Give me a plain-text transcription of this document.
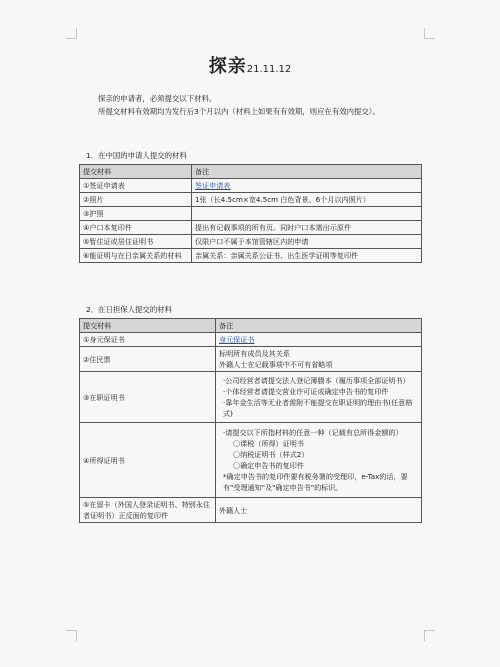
探亲21.11.12

探亲的申请者，必须提交以下材料。

所提交材料有效期均为发行后3个月以内（材料上如果有有效期，则应在有效内提交）。

1．在中国的申请人提交的材料
提交材料	备注
①签证申请表	签证申请表
②照片	1张（长4.5cm×宽4.5cm 白色背景、6个月以内照片）
③护照	
④户口本复印件	提出有记载事项的所有页。同时户口本需出示原件
⑤暂住证或居住证明书	仅限户口不属于本馆管辖区内的申请
⑥能证明与在日亲属关系的材料	亲属关系：亲属关系公证书、出生医学证明等复印件
2．在日担保人提交的材料
提交材料	备注
①身元保证书	身元保证书
②住民票	标明所有成员及其关系
外籍人士在记载事项中不可有省略项

③在职证明书	·公司经营者请提交法人登记簿謄本（履历事项全部证明书）
·个体经营者请提交营业许可证或确定申告书的复印件
·靠年金生活等无业者需附不能提交在职证明的理由书(任意格式)

④所得证明书	·请提交以下所指材料的任意一种（记载有总所得金额的）
〇课税（所得）证明书
〇纳税证明书（样式2）
〇确定申告书的复印件
*确定申告书的复印件要有税务署的受理印，e-Tax的话，要有"受理通知"及"确定申告书"的标识。

⑤在留卡（外国人登录证明书、特别永住者证明书）正反面的复印件	外籍人士
